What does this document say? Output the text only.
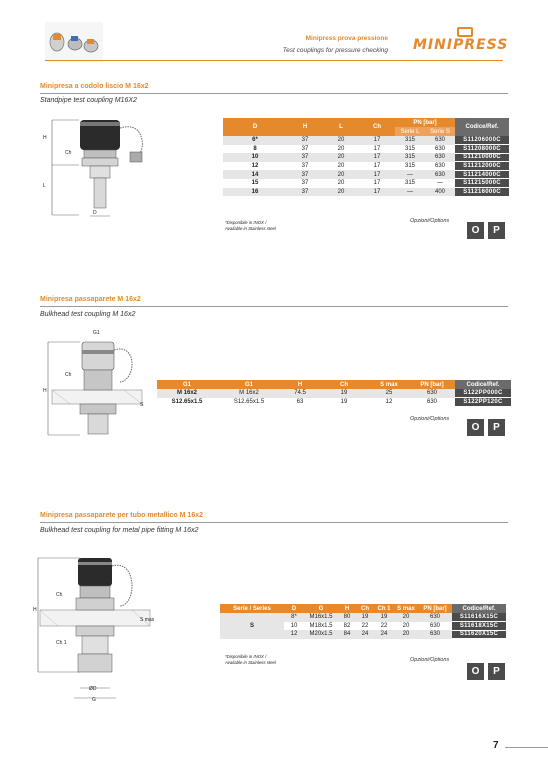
Minipress prova pressione
Test couplings for pressure checking MINIPRESS
Minipresa a codolo liscio M 16x2
Standpipe test coupling M16X2
H
Ch
L
D
D	H	L	Ch	PN [bar]		Codice/Ref.
				Serie L	Serie S	
6*	37	20	17	315	630	S11206000C
8	37	20	17	315	630	S11208000C
10	37	20	17	315	630	S11210000C
12	37	20	17	315	630	S11212000C
14	37	20	17	—	630	S11214000C
15	37	20	17	315	—	S11215000C
16	37	20	17	—	400	S11216000C
*Disponibile in INOX /
Available in Stainless steel
Opzioni/Options
O	P
Minipresa passaparete M 16x2
Bulkhead test coupling M 16x2
G1
H
Ch
S
G1	G1	H	Ch	S max	PN [bar]	Codice/Ref.
M 16x2	M 16x2	74.5	19	25	630	S122PP000C
S12.65x1.5	S12.65x1.5	63	19	12	630	S122PP120C
Opzioni/Options
O	P
Minipresa passaparete per tubo metallico M 16x2
Bulkhead test coupling for metal pipe fitting M 16x2
H
Ch
Ch 1
S max
ØD
G
Serie / Series	D	G	H	Ch	Ch 1	S max	PN [bar]	Codice/Ref.
S	8*	M16x1.5	80	19	19	20	630	S11616X15C
	10	M18x1.5	82	22	22	20	630	S11618X15C
	12	M20x1.5	84	24	24	20	630	S11620X15C
*Disponibile in INOX /
Available in Stainless steel	Opzioni/Options
O	P
7
